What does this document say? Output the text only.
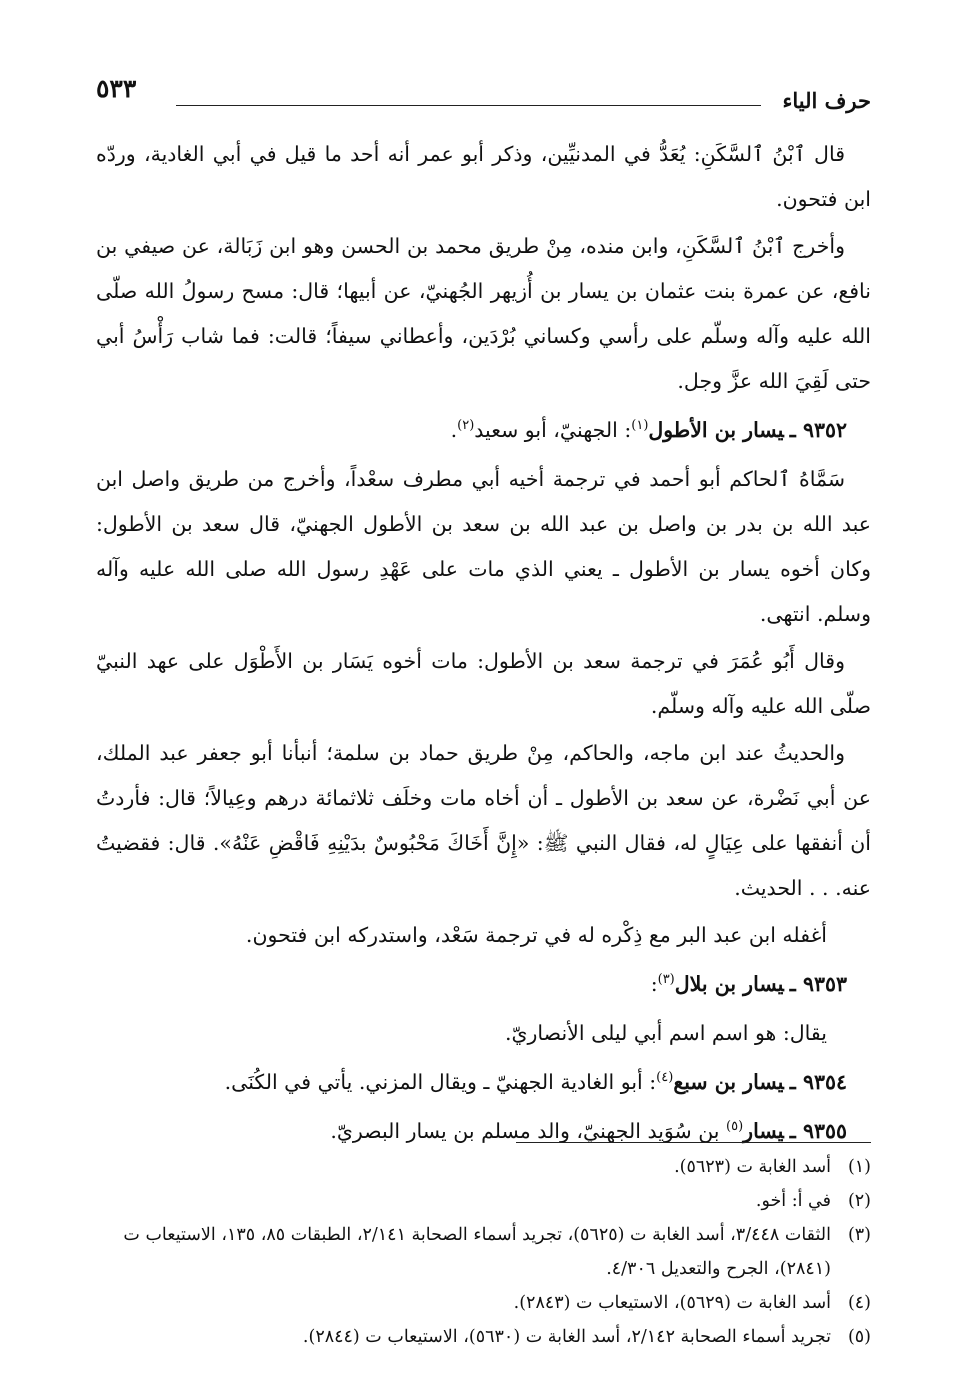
حرف الياء
٥٣٣

قال ٱبْنُ ٱلسَّكَنِ: يُعَدُّ في المدنيِّين، وذكر أبو عمر أنه أحد ما قيل في أبي الغادية، وردّه ابن فتحون.

وأخرج ٱبْنُ ٱلسَّكَنِ، وابن منده، مِنْ طريق محمد بن الحسن وهو ابن زَبَالة، عن صيفي بن نافع، عن عمرة بنت عثمان بن يسار بن أُزيهر الجُهنيّ، عن أبيها؛ قال: مسح رسولُ الله صلّى الله عليه وآله وسلّم على رأسي وكساني بُرْدَين، وأعطاني سيفاً؛ قالت: فما شاب رَأْسُ أبي حتى لَقِيَ الله عزَّ وجل.

٩٣٥٢ ـيسار بن الأطول$^{(١)}$: الجهنيّ، أبو سعيد$^{(٢)}$.

سَمَّاهُ ٱلحاكم أبو أحمد في ترجمة أخيه أبي مطرف سعْداً، وأخرج من طريق واصل ابن عبد الله بن بدر بن واصل بن عبد الله بن سعد بن الأطول الجهنيّ، قال سعد بن الأطول: وكان أخوه يسار بن الأطول ـ يعني الذي مات على عَهْدِ رسول الله صلى الله عليه وآله وسلم. انتهى.

وقال أَبُو عُمَرَ في ترجمة سعد بن الأطول: مات أخوه يَسَار بن الأَطْوَل على عهد النبيّ صلّى الله عليه وآله وسلّم.

والحديثُ عند ابن ماجه، والحاكم، مِنْ طريق حماد بن سلمة؛ أنبأنا أبو جعفر عبد الملك، عن أبي نَضْرة، عن سعد بن الأطول ـ أن أخاه مات وخلَف ثلاثمائة درهم وعِيالاً؛ قال: فأردتُ أن أنفقها على عِيَالٍ له، فقال النبي ﷺ: «إِنَّ أَخَاكَ مَحْبُوسٌ بدَيْنِهِ فَاقْضِ عَنْهُ». قال: فقضيتُ عنه. . . الحديث.

أغفله ابن عبد البر مع ذِكْره له في ترجمة سَعْد، واستدركه ابن فتحون.

٩٣٥٣ ـيسار بن بلال$^{(٣)}$:

يقال: هو اسم اسم أبي ليلى الأنصاريّ.

٩٣٥٤ ـيسار بن سبع$^{(٤)}$: أبو الغادية الجهنيّ ـ ويقال المزني. يأتي في الكُنَى.
٩٣٥٥ ـيسار$^{(٥)}$ بن سُوَيد الجهنيّ، والد مسلم بن يسار البصريّ.

(١)
أسد الغابة ت (٥٦٢٣).

(٢)
في أ: أخو.

(٣)
الثقات ٣/٤٤٨، أسد الغابة ت (٥٦٢٥)، تجريد أسماء الصحابة ٢/١٤١، الطبقات ٨٥، ١٣٥، الاستيعاب ت (٢٨٤١)، الجرح والتعديل ٤/٣٠٦.

(٤)
أسد الغابة ت (٥٦٢٩)، الاستيعاب ت (٢٨٤٣).

(٥)
تجريد أسماء الصحابة ٢/١٤٢، أسد الغابة ت (٥٦٣٠)، الاستيعاب ت (٢٨٤٤).
